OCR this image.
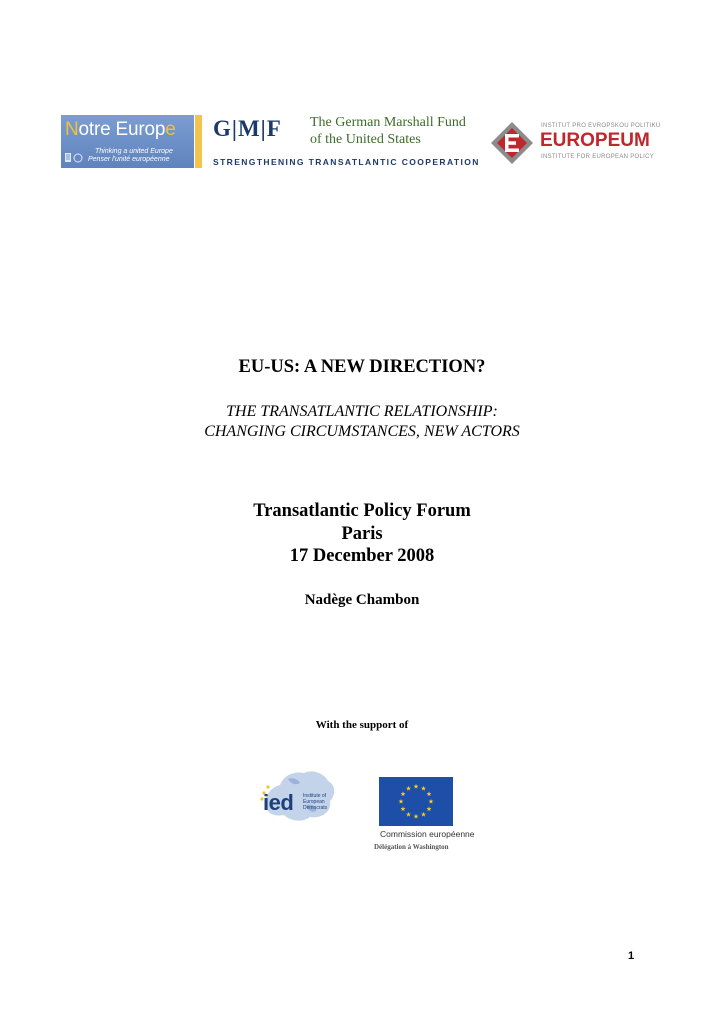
Notre Europe
Thinking a united Europe
Penser l'unité européenne
G|M|F The German Marshall Fund
of the United States
STRENGTHENING TRANSATLANTIC COOPERATION
INSTITUT PRO EVROPSKOU POLITIKU
EUROPEUM
INSTITUTE FOR EUROPEAN POLICY
EU-US: A NEW DIRECTION?
THE TRANSATLANTIC RELATIONSHIP:
CHANGING CIRCUMSTANCES, NEW ACTORS
Transatlantic Policy Forum
Paris
17 December 2008
Nadège Chambon
With the support of
ied Institute of
European
Democrats
Commission européenne
Délégation à Washington
1
